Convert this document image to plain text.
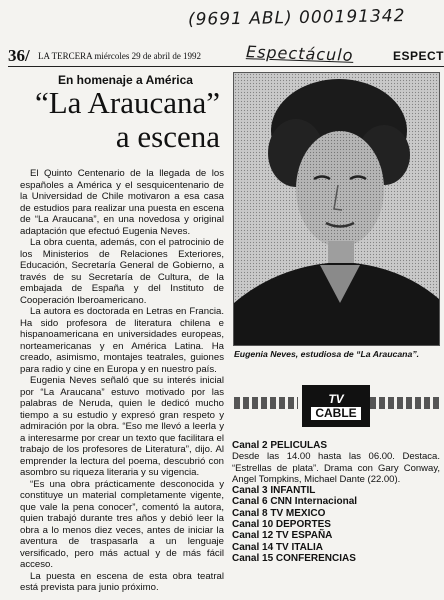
(9691 ABL) 000191342
Espectáculo
36/ LA TERCERA miércoles 29 de abril de 1992	ESPECT
En homenaje a América
“La Araucana”
a escena

El Quinto Centenario de la llegada de los españoles a América y el sesquicentenario de la Universidad de Chile motivaron a esa casa de estudios para realizar una puesta en escena de “La Araucana”, en una novedosa y original adaptación que efectuó Eugenia Neves.

La obra cuenta, además, con el patrocinio de los Ministerios de Relaciones Exteriores, Educación, Secretaría General de Gobierno, a través de su Secretaría de Cultura, de la embajada de España y del Instituto de Cooperación Iberoamericano.

La autora es doctorada en Letras en Francia. Ha sido profesora de literatura chilena e hispanoamericana en universidades europeas, norteamericanas y en América Latina. Ha creado, asimismo, montajes teatrales, guiones para radio y cine en Europa y en nuestro país.

Eugenia Neves señaló que su interés inicial por “La Araucana” estuvo motivado por las palabras de Neruda, quien le dedicó mucho tiempo a su estudio y expresó gran respeto y admiración por la obra. “Eso me llevó a leerla y a interesarme por crear un texto que facilitara el trabajo de los profesores de Literatura”, dijo. Al emprender la lectura del poema, descubrió con asombro su riqueza literaria y su vigencia.

“Es una obra prácticamente desconocida y constituye un material completamente vigente, que vale la pena conocer”, comentó la autora, quien trabajó durante tres años y debió leer la obra a lo menos diez veces, antes de iniciar la aventura de traspasarla a un lenguaje versificado, pero más actual y de más fácil acceso.

La puesta en escena de esta obra teatral está prevista para junio próximo.

Eugenia Neves, estudiosa de “La Araucana”.
TV
CABLE
Canal 2 PELICULAS
Desde las 14.00 hasta las 06.00. Destaca. “Estrellas de plata”. Drama con Gary Conway, Angel Tompkins, Michael Dante (22.00).
Canal 3 INFANTIL
Canal 6 CNN Internacional
Canal 8 TV MEXICO
Canal 10 DEPORTES
Canal 12 TV ESPAÑA
Canal 14 TV ITALIA
Canal 15 CONFERENCIAS
